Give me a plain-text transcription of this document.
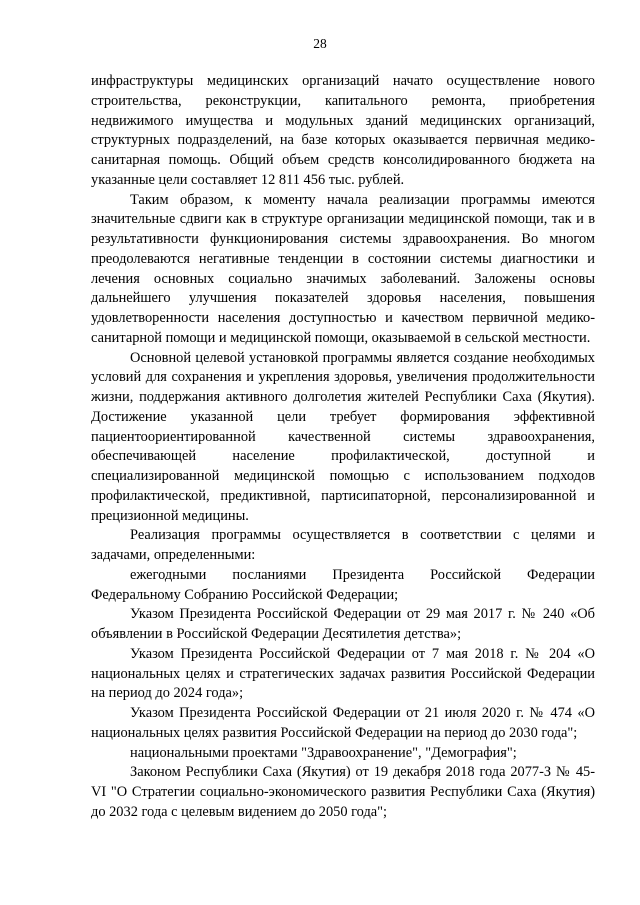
28

инфраструктуры медицинских организаций начато осуществление нового строительства, реконструкции, капитального ремонта, приобретения недвижимого имущества и модульных зданий медицинских организаций, структурных подразделений, на базе которых оказывается первичная медико-санитарная помощь. Общий объем средств консолидированного бюджета на указанные цели составляет 12 811 456 тыс. рублей.

Таким образом, к моменту начала реализации программы имеются значительные сдвиги как в структуре организации медицинской помощи, так и в результативности функционирования системы здравоохранения. Во многом преодолеваются негативные тенденции в состоянии системы диагностики и лечения основных социально значимых заболеваний. Заложены основы дальнейшего улучшения показателей здоровья населения, повышения удовлетворенности населения доступностью и качеством первичной медико-санитарной помощи и медицинской помощи, оказываемой в сельской местности.

Основной целевой установкой программы является создание необходимых условий для сохранения и укрепления здоровья, увеличения продолжительности жизни, поддержания активного долголетия жителей Республики Саха (Якутия). Достижение указанной цели требует формирования эффективной пациентоориентированной качественной системы здравоохранения, обеспечивающей население профилактической, доступной и специализированной медицинской помощью с использованием подходов профилактической, предиктивной, партисипаторной, персонализированной и прецизионной медицины.

Реализация программы осуществляется в соответствии с целями и задачами, определенными:

ежегодными посланиями Президента Российской Федерации Федеральному Собранию Российской Федерации;

Указом Президента Российской Федерации от 29 мая 2017 г. № 240 «Об объявлении в Российской Федерации Десятилетия детства»;

Указом Президента Российской Федерации от 7 мая 2018 г. № 204 «О национальных целях и стратегических задачах развития Российской Федерации на период до 2024 года»;

Указом Президента Российской Федерации от 21 июля 2020 г. № 474 «О национальных целях развития Российской Федерации на период до 2030 года";

национальными проектами "Здравоохранение", "Демография";

Законом Республики Саха (Якутия) от 19 декабря 2018 года 2077-З № 45-VI "О Стратегии социально-экономического развития Республики Саха (Якутия) до 2032 года с целевым видением до 2050 года";
